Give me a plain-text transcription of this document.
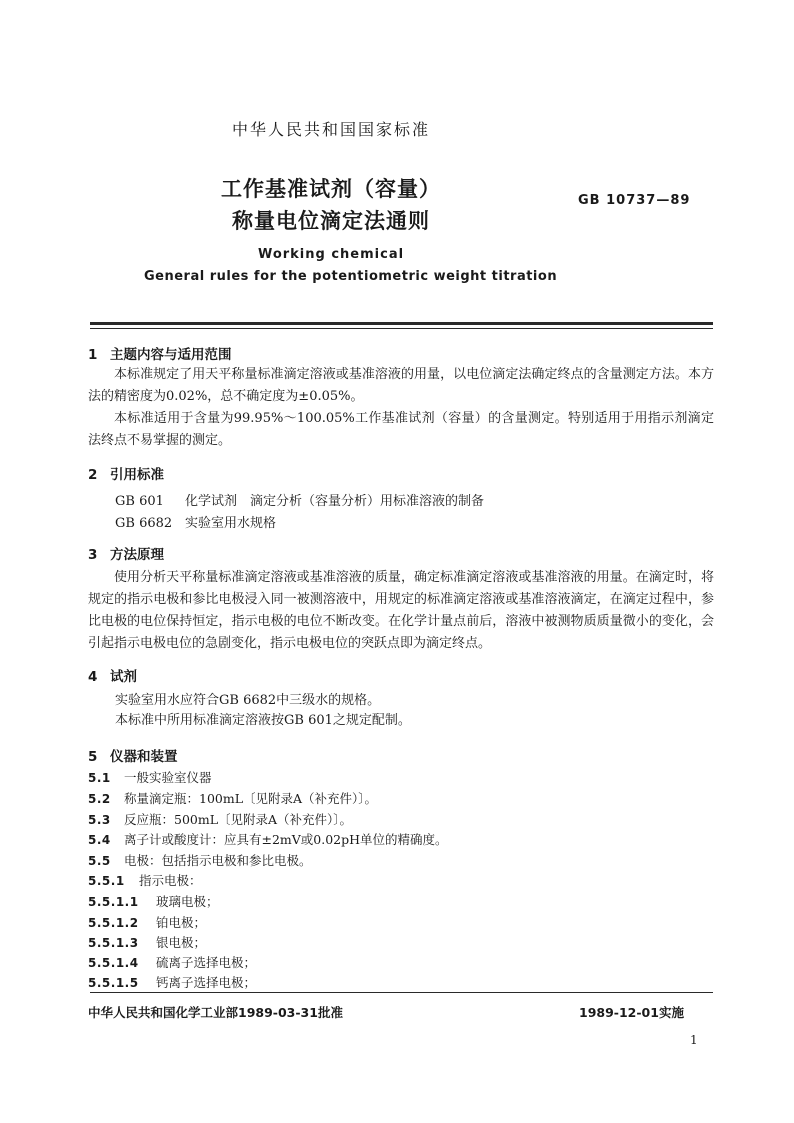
中华人民共和国国家标准
工作基准试剂（容量）
称量电位滴定法通则
GB 10737—89
Working chemical
General rules for the potentiometric weight titration
1 主题内容与适用范围
本标准规定了用天平称量标准滴定溶液或基准溶液的用量，以电位滴定法确定终点的含量测定方法。本方法的精密度为0.02%，总不确定度为±0.05%。
本标准适用于含量为99.95%～100.05%工作基准试剂（容量）的含量测定。特别适用于用指示剂滴定法终点不易掌握的测定。
2 引用标准
GB 601 化学试剂　滴定分析（容量分析）用标准溶液的制备
GB 6682 实验室用水规格
3 方法原理
使用分析天平称量标准滴定溶液或基准溶液的质量，确定标准滴定溶液或基准溶液的用量。在滴定时，将规定的指示电极和参比电极浸入同一被测溶液中，用规定的标准滴定溶液或基准溶液滴定，在滴定过程中，参比电极的电位保持恒定，指示电极的电位不断改变。在化学计量点前后，溶液中被测物质质量微小的变化，会引起指示电极电位的急剧变化，指示电极电位的突跃点即为滴定终点。
4 试剂
实验室用水应符合GB 6682中三级水的规格。
本标准中所用标准滴定溶液按GB 601之规定配制。
5 仪器和装置
5.1 一般实验室仪器
5.2 称量滴定瓶：100mL〔见附录A（补充件）〕。
5.3 反应瓶：500mL〔见附录A（补充件）〕。
5.4 离子计或酸度计：应具有±2mV或0.02pH单位的精确度。
5.5 电极：包括指示电极和参比电极。
5.5.1 指示电极：
5.5.1.1 玻璃电极；
5.5.1.2 铂电极；
5.5.1.3 银电极；
5.5.1.4 硫离子选择电极；
5.5.1.5 钙离子选择电极；
中华人民共和国化学工业部1989-03-31批准	1989-12-01实施
1
